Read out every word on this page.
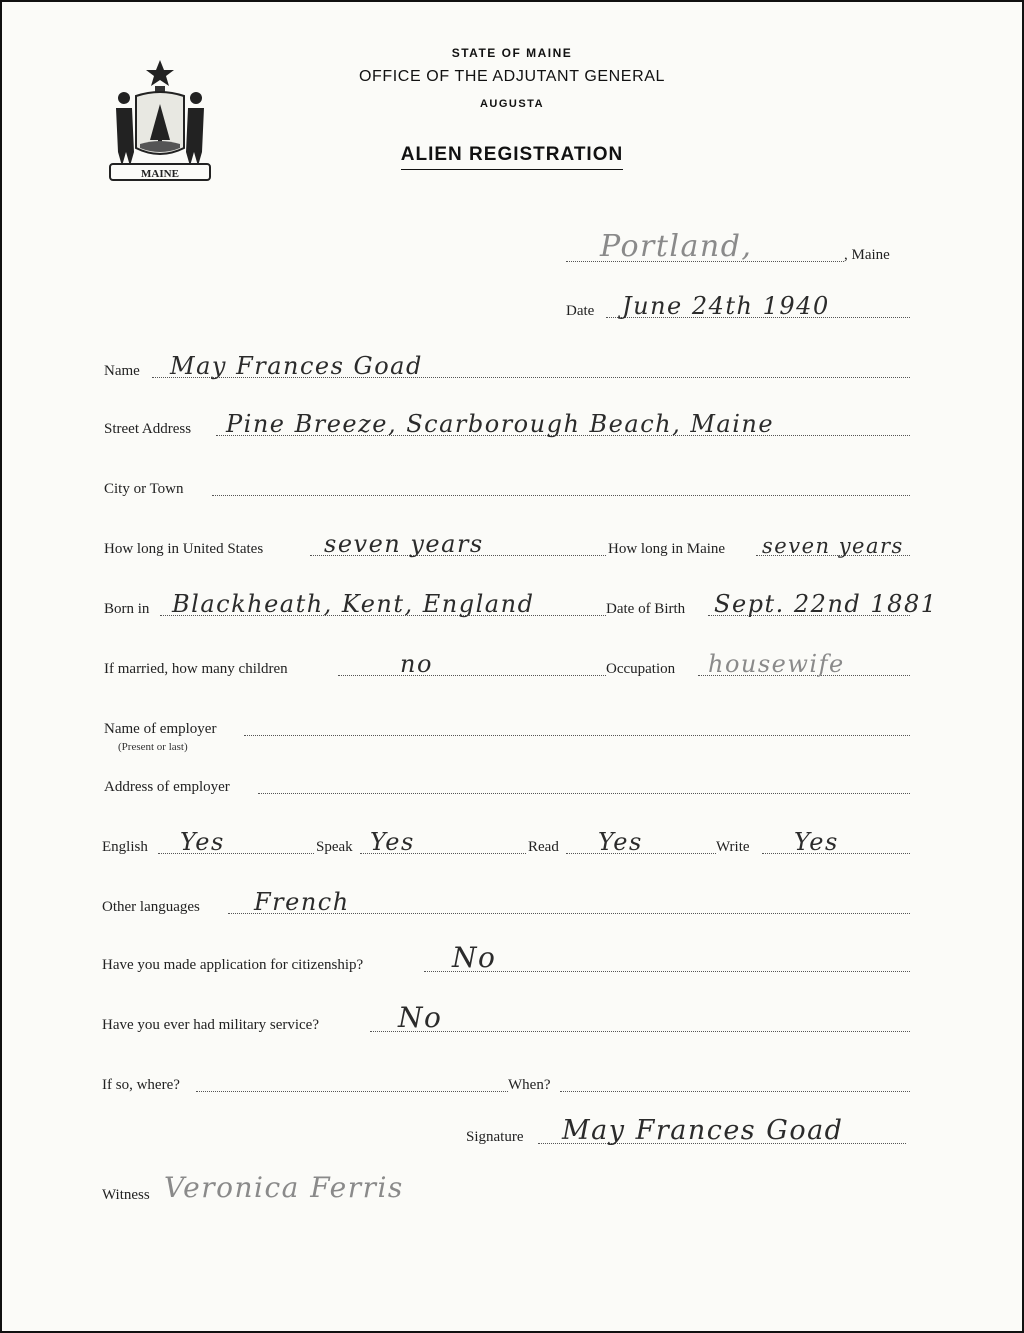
MAINE
STATE OF MAINE
OFFICE OF THE ADJUTANT GENERAL
AUGUSTA
ALIEN REGISTRATION
Portland,	, Maine
Date June 24th 1940
Name May Frances Goad
Street Address Pine Breeze, Scarborough Beach, Maine
City or Town
How long in United States	seven years	How long in Maine seven years
Born in Blackheath, Kent, England	Date of Birth Sept. 22nd 1881
If married, how many children	no	Occupation housewife
Name of employer
(Present or last)
Address of employer
English Yes	Speak Yes	Read Yes	Write Yes
Other languages French
Have you made application for citizenship?	No
Have you ever had military service?	No
If so, where?	When?
Signature May Frances Goad
Witness Veronica Ferris
